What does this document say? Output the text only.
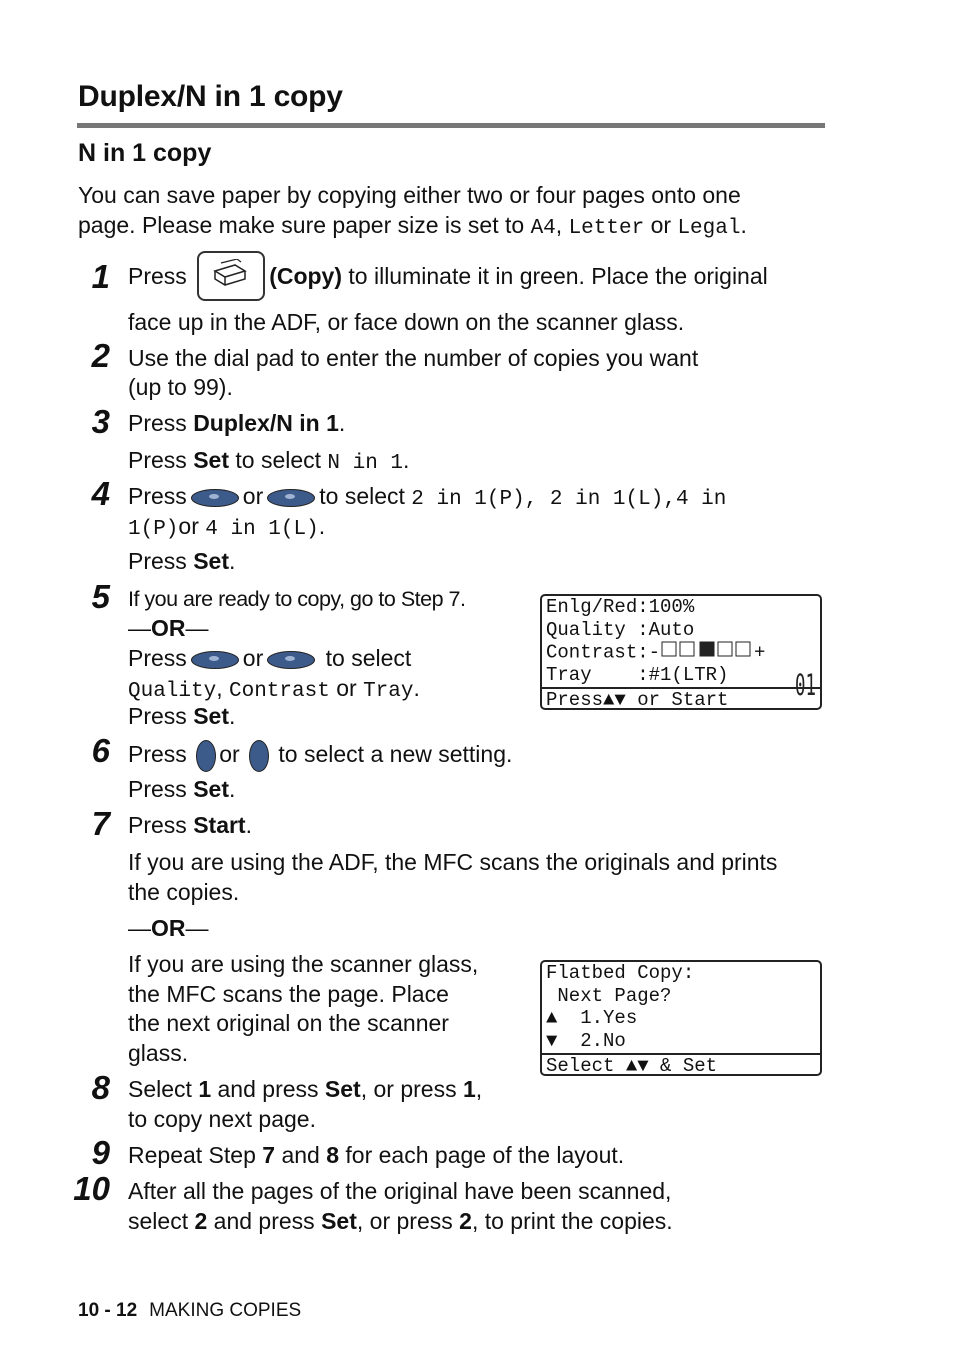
Duplex/N in 1 copy
N in 1 copy
You can save paper by copying either two or four pages onto one
page. Please make sure paper size is set to A4, Letter or Legal.
1 Press	(Copy) to illuminate it in green. Place the original
face up in the ADF, or face down on the scanner glass.
2 Use the dial pad to enter the number of copies you want
(up to 99).
3 Press Duplex/N in 1.
Press Set to select N in 1.
4 Press or to select 2 in 1(P), 2 in 1(L),4 in
1(P)or 4 in 1(L).
Press Set.
5 If you are ready to copy, go to Step 7.
—OR—
Press or	to select
Quality, Contrast or Tray.
Press Set.
Enlg/Red:100%
Quality :Auto
Contrast:-	+
Tray    :#1(LTR)
Press▲▼ or Start	01
6 Press or to select a new setting.
Press Set.
7 Press Start.
If you are using the ADF, the MFC scans the originals and prints
the copies.
—OR—
If you are using the scanner glass,
the MFC scans the page. Place
the next original on the scanner
glass.
Flatbed Copy:
Next Page?
▲  1.Yes
▼  2.No
Select ▲▼ & Set
8 Select 1 and press Set, or press 1,
to copy next page.
9 Repeat Step 7 and 8 for each page of the layout.
10 After all the pages of the original have been scanned,
select 2 and press Set, or press 2, to print the copies.
10 - 12 MAKING COPIES
